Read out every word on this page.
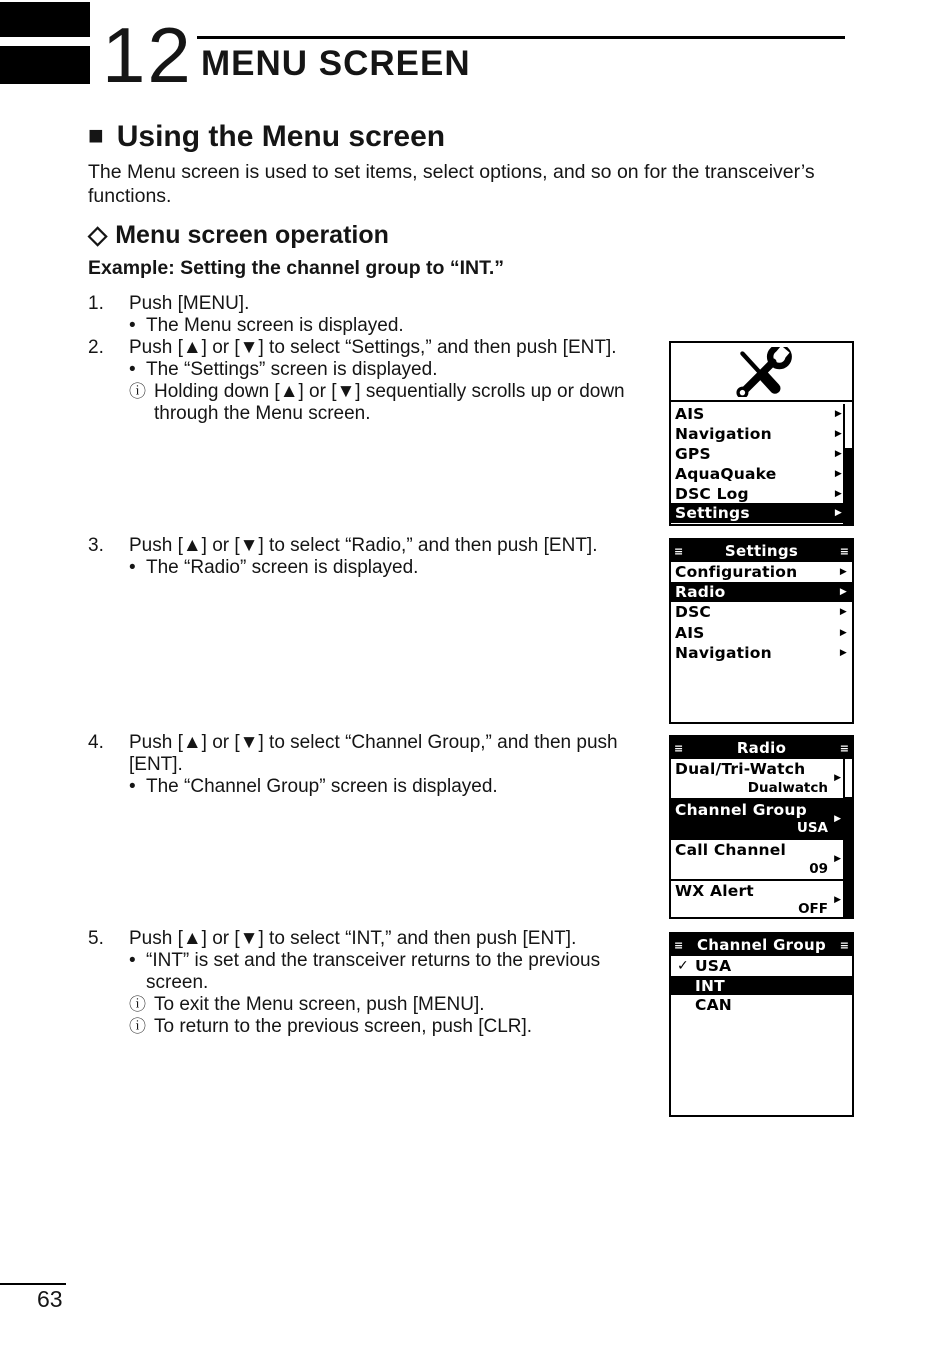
12 MENU SCREEN
■ Using the Menu screen
The Menu screen is used to set items, select options, and so on for the transceiver’s functions.
◇ Menu screen operation
Example: Setting the channel group to “INT.”
1.	Push [MENU].
• The Menu screen is displayed.
2.	Push [▲] or [▼] to select “Settings,” and then push [ENT].
• The “Settings” screen is displayed.
ⓘ Holding down [▲] or [▼] sequentially scrolls up or down
through the Menu screen.
3.	Push [▲] or [▼] to select “Radio,” and then push [ENT].
• The “Radio” screen is displayed.
4.	Push [▲] or [▼] to select “Channel Group,” and then push
[ENT].
• The “Channel Group” screen is displayed.
5.	Push [▲] or [▼] to select “INT,” and then push [ENT].
• “INT” is set and the transceiver returns to the previous
screen.
ⓘ To exit the Menu screen, push [MENU].
ⓘ To return to the previous screen, push [CLR].
AIS	▶
Navigation	▶
GPS	▶
AquaQuake	▶
DSC Log	▶
Settings	▶
≡	Settings	≡
Configuration	▶
Radio	▶
DSC	▶
AIS	▶
Navigation	▶
≡	Radio	≡
Dual/Tri-Watch
Dualwatch
▶
Channel Group
USA
▶
Call Channel
09
▶
WX Alert
OFF
▶
≡ Channel Group	≡
✓ USA
INT
CAN
63
